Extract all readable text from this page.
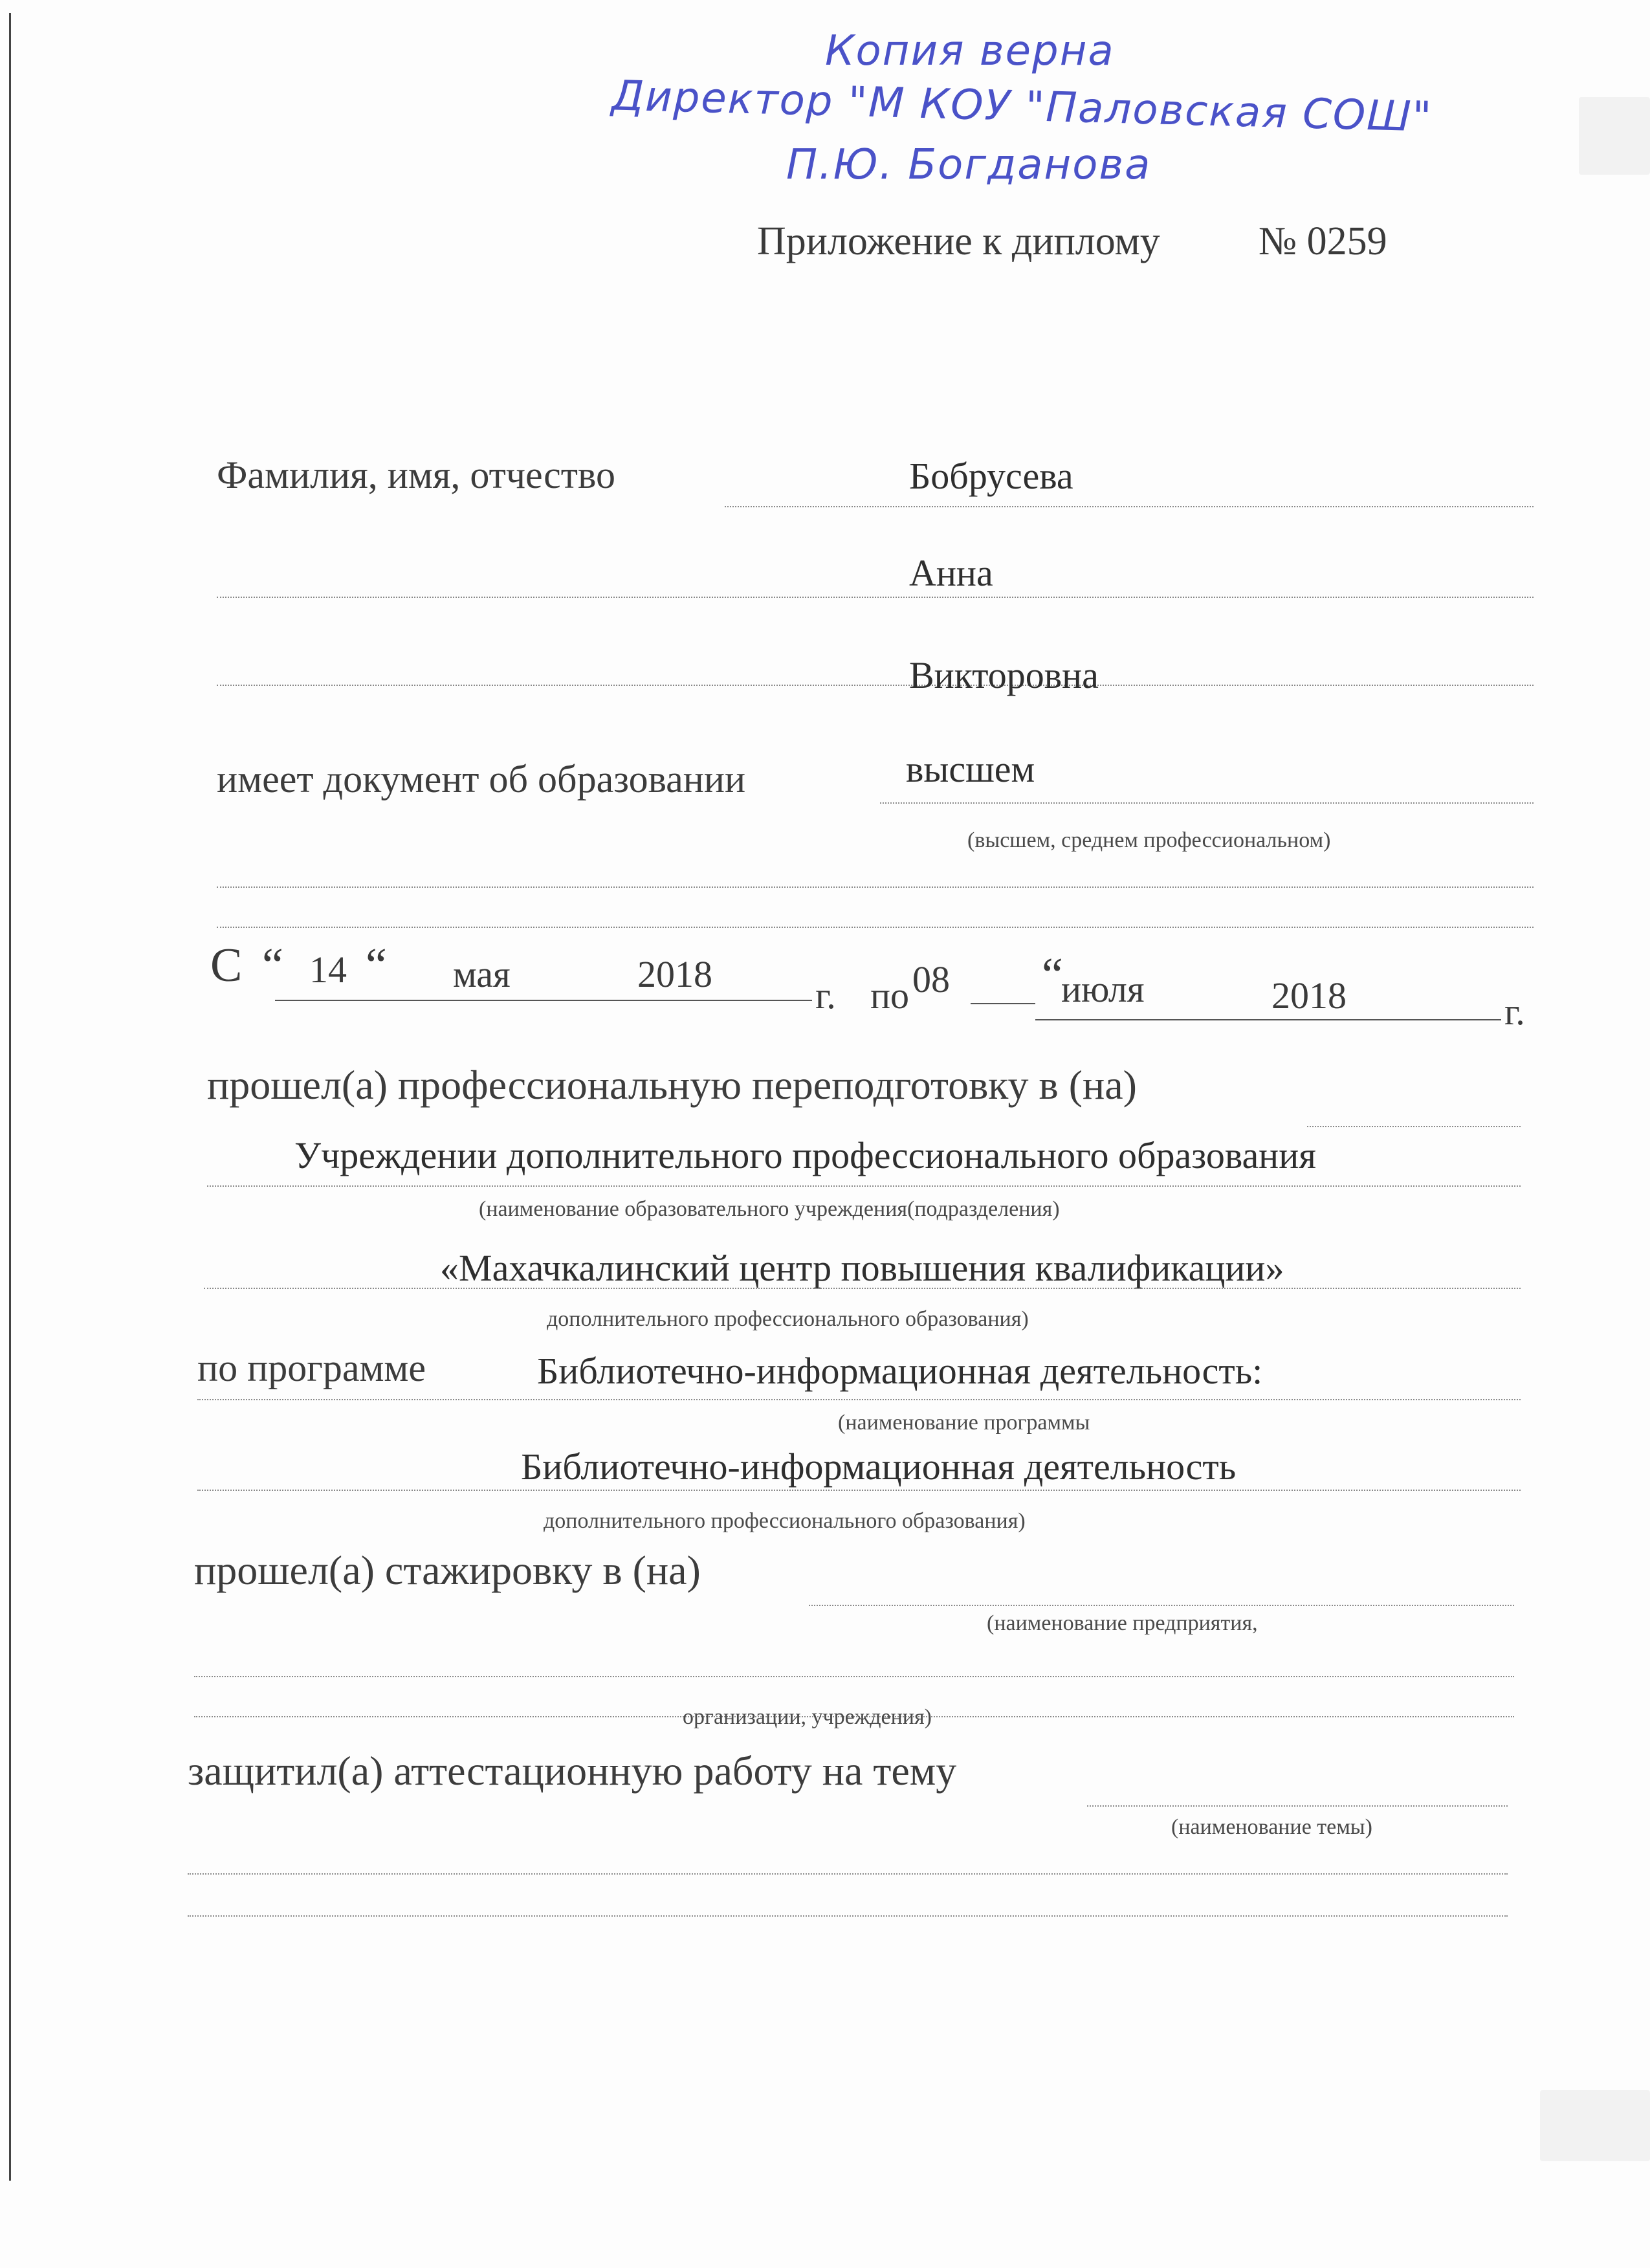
Копия верна
Директор "М КОУ "Паловская СОШ"
П.Ю. Богданова
Приложение к диплому № 0259
Фамилия, имя, отчество	Бобрусева
Анна
Викторовна
имеет документ об образовании	высшем
(высшем, среднем профессиональном)
С “ 14 “ мая	2018
г. по 08 “
июля	2018	г.
прошел(а) профессиональную переподготовку в (на)
Учреждении дополнительного профессионального образования
(наименование образовательного учреждения(подразделения)
«Махачкалинский центр повышения квалификации»
дополнительного профессионального образования)
по программе	Библиотечно-информационная деятельность:
(наименование программы
Библиотечно-информационная деятельность
дополнительного профессионального образования)
прошел(а) стажировку в (на)
(наименование предприятия,
организации, учреждения)
защитил(а) аттестационную работу на тему
(наименование темы)
